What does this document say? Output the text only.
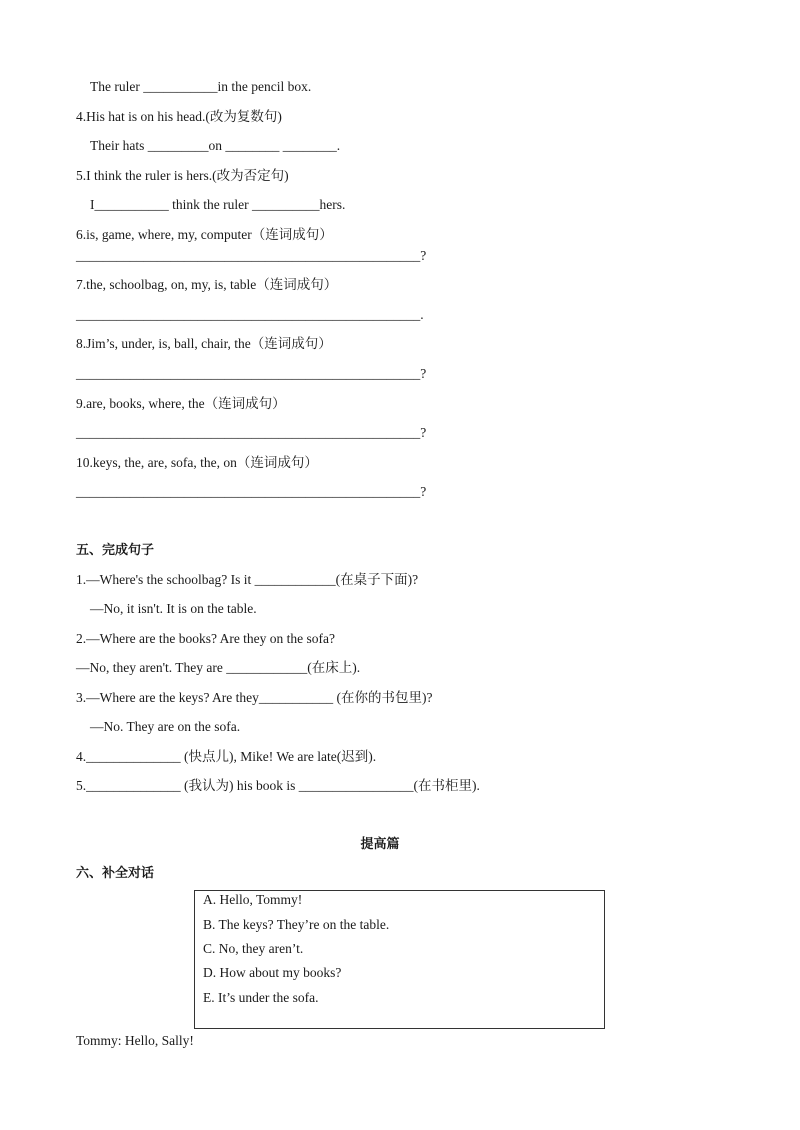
The ruler ___________in the pencil box.
4.His hat is on his head.(改为复数句)
Their hats _________on ________ ________.
5.I think the ruler is hers.(改为否定句)
I___________ think the ruler __________hers.
6.is, game, where, my, computer（连词成句）
___________________________________________________?
7.the, schoolbag, on, my, is, table（连词成句）
___________________________________________________.
8.Jim’s, under, is, ball, chair, the（连词成句）
___________________________________________________?
9.are, books, where, the（连词成句）
___________________________________________________?
10.keys, the, are, sofa, the, on（连词成句）
___________________________________________________?
五、完成句子
1.—Where's the schoolbag? Is it ____________(在桌子下面)?
—No, it isn't. It is on the table.
2.—Where are the books? Are they on the sofa?
—No, they aren't. They are ____________(在床上).
3.—Where are the keys? Are they___________ (在你的书包里)?
—No. They are on the sofa.
4.______________ (快点儿), Mike! We are late(迟到).
5.______________ (我认为) his book is _________________(在书柜里).
提高篇
六、补全对话
A. Hello, Tommy!
B. The keys? They’re on the table.
C. No, they aren’t.
D. How about my books?
E. It’s under the sofa.
Tommy: Hello, Sally!
